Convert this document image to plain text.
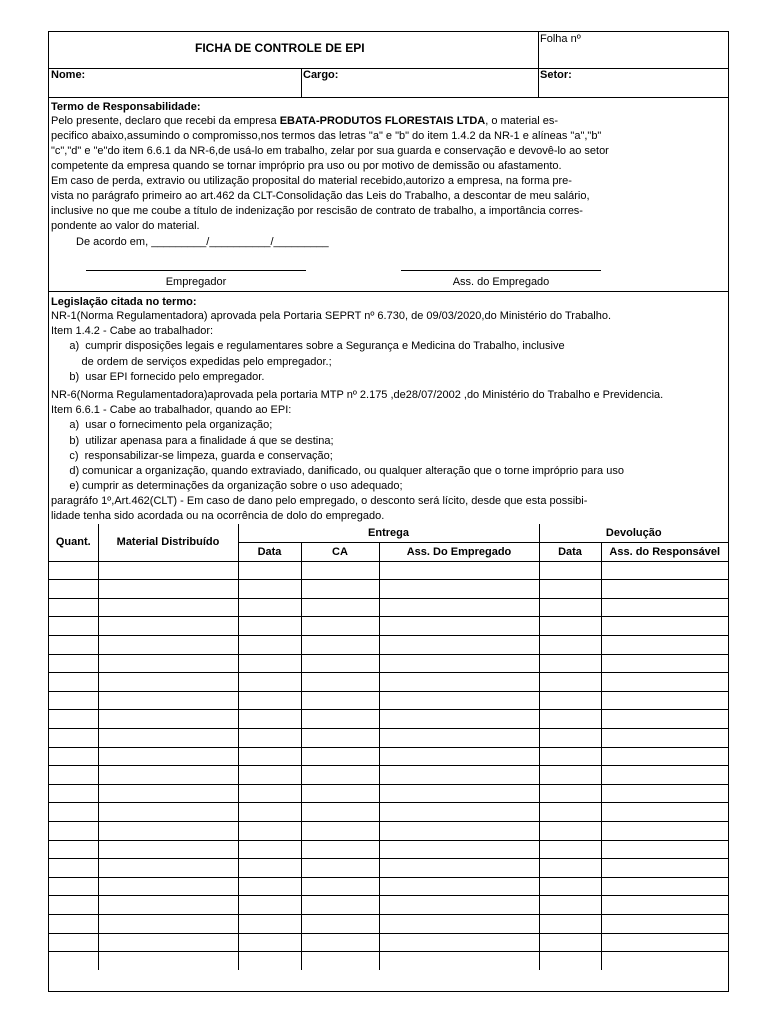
FICHA DE CONTROLE DE EPI
Folha nº
Nome:	Cargo:	Setor:
Termo de Responsabilidade:
Pelo presente, declaro que recebi da empresa EBATA-PRODUTOS FLORESTAIS LTDA, o material es-
pecifico abaixo,assumindo o compromisso,nos termos das letras "a" e "b" do item 1.4.2 da NR-1 e alíneas "a","b"
"c","d" e "e"do item 6.6.1 da NR-6,de usá-lo em trabalho, zelar por sua guarda e conservação e devovê-lo ao setor
competente da empresa quando se tornar impróprio pra uso ou por motivo de demissão ou afastamento.
Em caso de perda, extravio ou utilização proposital do material recebido,autorizo a empresa, na forma pre-
vista no parágrafo primeiro ao art.462 da CLT-Consolidação das Leis do Trabalho, a descontar de meu salário,
inclusive no que me coube a título de indenização por rescisão de contrato de trabalho, a importância corres-
pondente ao valor do material.
De acordo em, _________/__________/_________
Empregador	Ass. do Empregado
Legislação citada no termo:
NR-1(Norma Regulamentadora) aprovada pela Portaria SEPRT nº 6.730, de 09/03/2020,do Ministério do Trabalho.
Item 1.4.2 - Cabe ao trabalhador:
a)  cumprir disposições legais e regulamentares sobre a Segurança e Medicina do Trabalho, inclusive
de ordem de serviços expedidas pelo empregador.;
b)  usar EPI fornecido pelo empregador.
NR-6(Norma Regulamentadora)aprovada pela portaria MTP nº 2.175 ,de28/07/2002 ,do Ministério do Trabalho e Previdencia.
Item 6.6.1 - Cabe ao trabalhador, quando ao EPI:
a)  usar o fornecimento pela organização;
b)  utilizar apenasa para a finalidade á que se destina;
c)  responsabilizar-se limpeza, guarda e conservação;
d) comunicar a organização, quando extraviado, danificado, ou qualquer alteração que o torne impróprio para uso
e) cumprir as determinações da organização sobre o uso adequado;
paragráfo 1º,Art.462(CLT) - Em caso de dano pelo empregado, o desconto será lícito, desde que esta possibi-
lidade tenha sido acordada ou na ocorrência de dolo do empregado.
Quant.	Material Distribuído	Entrega			Devolução	
		Data	CA	Ass. Do Empregado	Data	Ass. do Responsável
